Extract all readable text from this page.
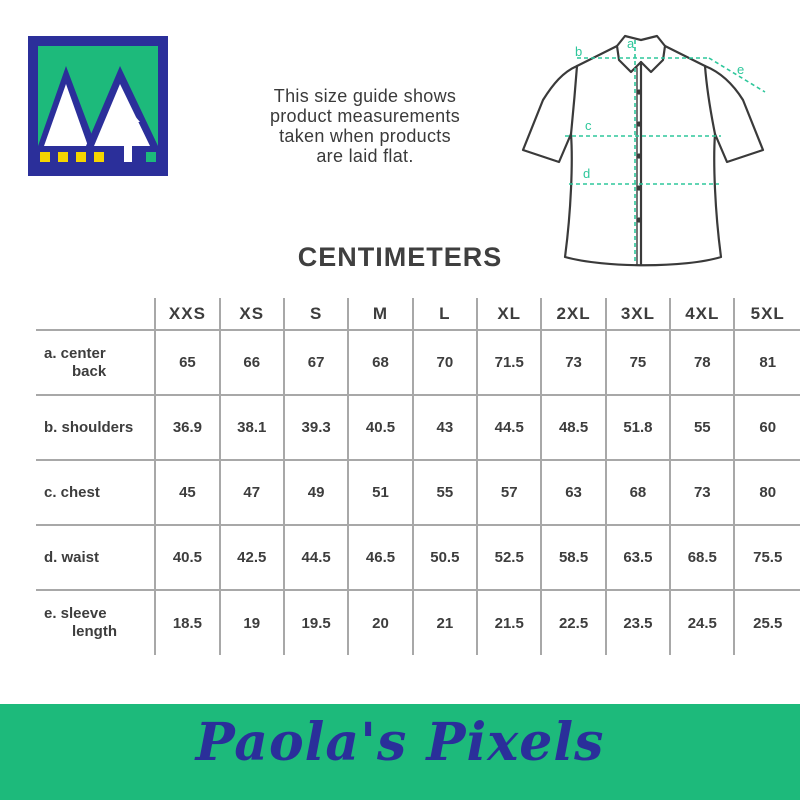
This size guide shows
product measurements
taken when products
are laid flat.
b
a
c
d
e
CENTIMETERS
	XXS	XS	S	M	L	XL	2XL	3XL	4XL	5XL

a. center
back	65	66	67	68	70	71.5	73	75	78	81

b. shoulders	36.9	38.1	39.3	40.5	43	44.5	48.5	51.8	55	60

c. chest	45	47	49	51	55	57	63	68	73	80

d. waist	40.5	42.5	44.5	46.5	50.5	52.5	58.5	63.5	68.5	75.5

e. sleeve
length	18.5	19	19.5	20	21	21.5	22.5	23.5	24.5	25.5
Paola's Pixels
